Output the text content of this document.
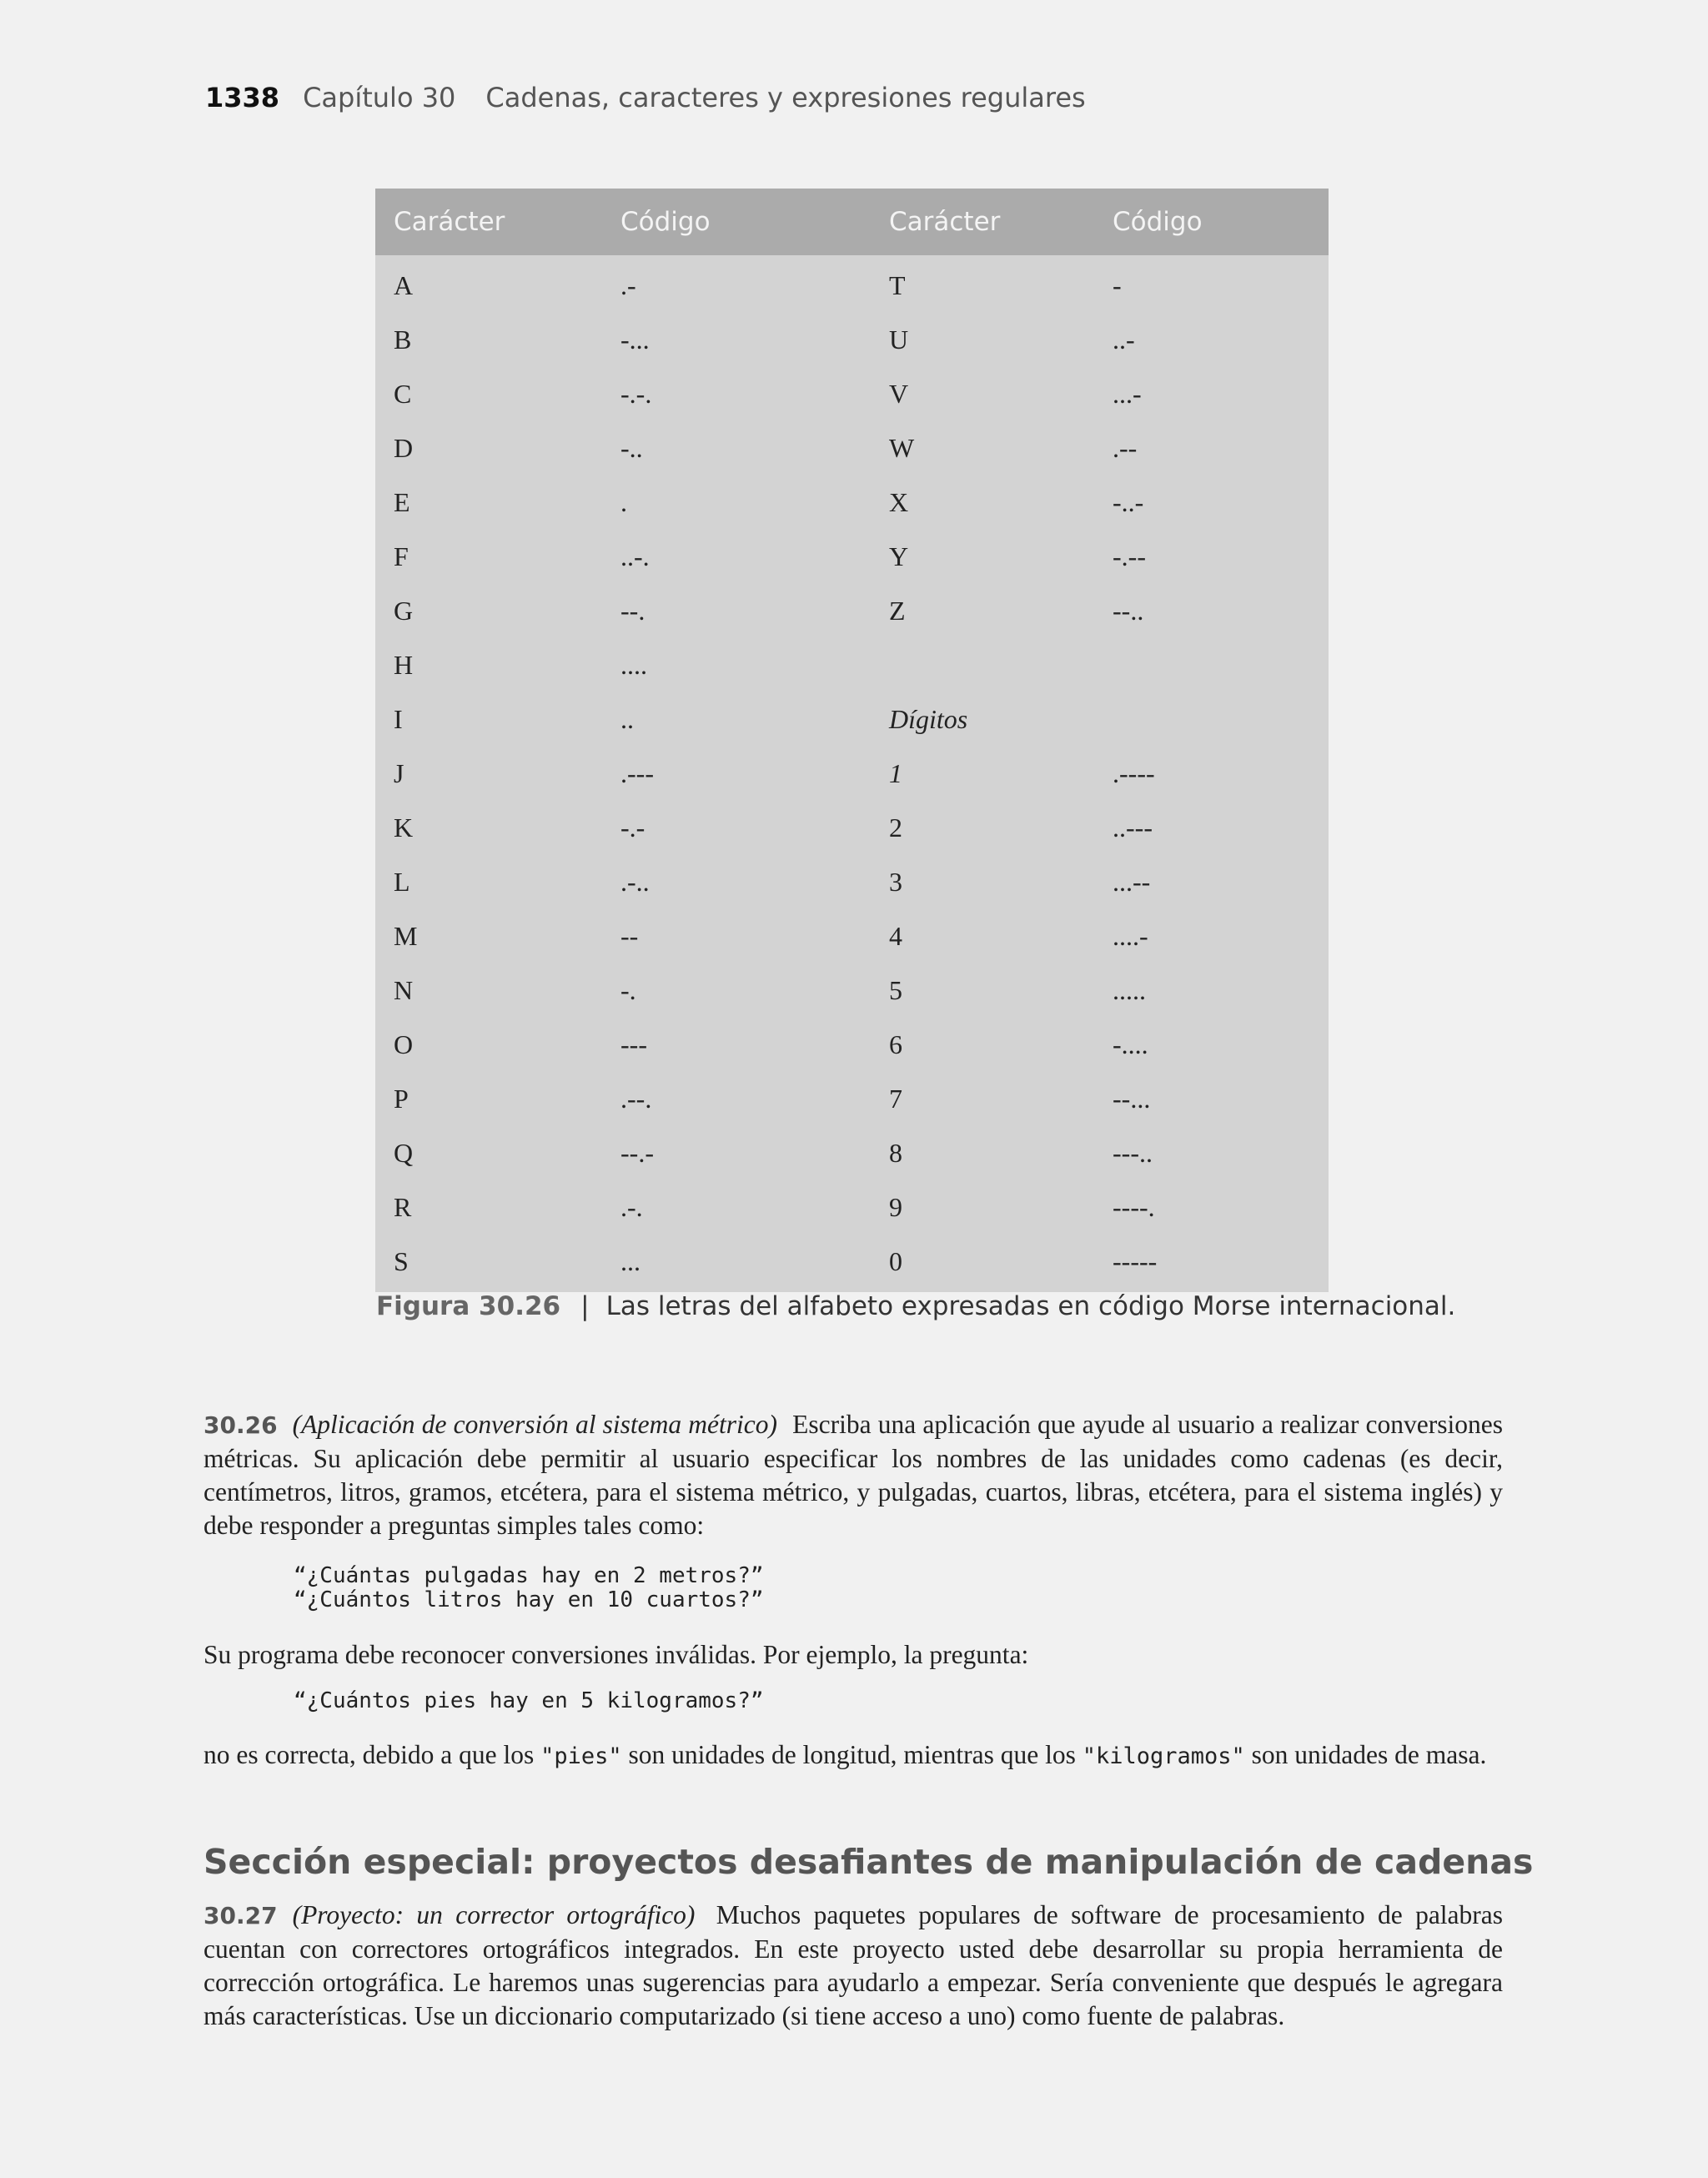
1338 Capítulo 30 Cadenas, caracteres y expresiones regulares
Carácter	Código	Carácter	Código
A	.-	T	-
B	-...	U	..-
C	-.-.	V	...-
D	-..	W	.--
E	.	X	-..-
F	..-.	Y	-.--
G	--.	Z	--..
H	....
I	..	Dígitos
J	.---	1	.----
K	-.-	2	..---
L	.-..	3	...--
M	--	4	....-
N	-.	5	.....
O	---	6	-....
P	.--.	7	--...
Q	--.-	8	---..
R	.-.	9	----.
S	...	0	-----
Figura 30.26 | Las letras del alfabeto expresadas en código Morse internacional.
30.26 (Aplicación de conversión al sistema métrico) Escriba una aplicación que ayude al usuario a realizar conversiones métricas. Su aplicación debe permitir al usuario especificar los nombres de las unidades como cadenas (es decir, centímetros, litros, gramos, etcétera, para el sistema métrico, y pulgadas, cuartos, libras, etcétera, para el sistema inglés) y debe responder a preguntas simples tales como:
“¿Cuántas pulgadas hay en 2 metros?”
“¿Cuántos litros hay en 10 cuartos?”
Su programa debe reconocer conversiones inválidas. Por ejemplo, la pregunta:
“¿Cuántos pies hay en 5 kilogramos?”
no es correcta, debido a que los "pies" son unidades de longitud, mientras que los "kilogramos" son unidades de masa.
Sección especial: proyectos desafiantes de manipulación de cadenas
30.27 (Proyecto: un corrector ortográfico) Muchos paquetes populares de software de procesamiento de palabras cuentan con correctores ortográficos integrados. En este proyecto usted debe desarrollar su propia herramienta de corrección ortográfica. Le haremos unas sugerencias para ayudarlo a empezar. Sería conveniente que después le agregara más características. Use un diccionario computarizado (si tiene acceso a uno) como fuente de palabras.
